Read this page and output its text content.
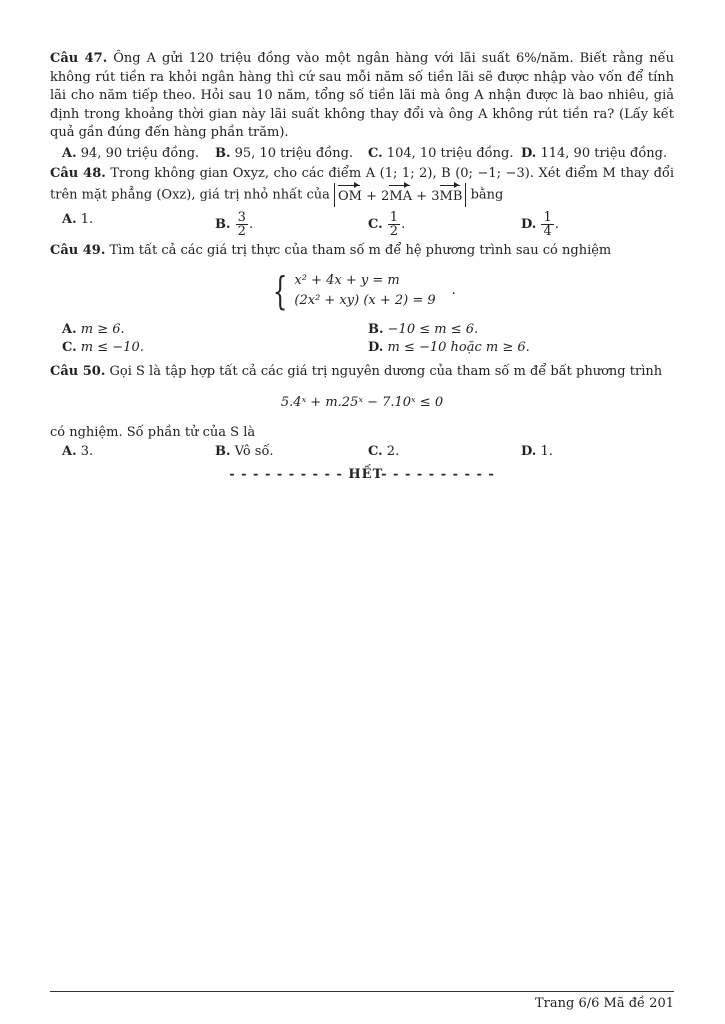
Câu 47. Ông A gửi 120 triệu đồng vào một ngân hàng với lãi suất 6%/năm. Biết rằng nếu không rút tiền ra khỏi ngân hàng thì cứ sau mỗi năm số tiền lãi sẽ được nhập vào vốn để tính lãi cho năm tiếp theo. Hỏi sau 10 năm, tổng số tiền lãi mà ông A nhận được là bao nhiêu, giả định trong khoảng thời gian này lãi suất không thay đổi và ông A không rút tiền ra? (Lấy kết quả gần đúng đến hàng phần trăm).

A. 94, 90 triệu đồng.	B. 95, 10 triệu đồng.	C. 104, 10 triệu đồng. D. 114, 90 triệu đồng.

Câu 48. Trong không gian Oxyz, cho các điểm A (1; 1; 2), B (0; −1; −3). Xét điểm M thay đổi trên mặt phẳng (Oxz), giá trị nhỏ nhất của OM + 2MA + 3MB bằng

A. 1.	B. $\frac{3}{2}$ .	C. $\frac{1}{2}$ .	D. $\frac{1}{4}$ .

Câu 49. Tìm tất cả các giá trị thực của tham số m để hệ phương trình sau có nghiệm

{ x² + 4x + y = m
(2x² + xy) (x + 2) = 9
.
A. m ≥ 6.	B. −10 ≤ m ≤ 6.
C. m ≤ −10.	D. m ≤ −10 hoặc m ≥ 6.

Câu 50. Gọi S là tập hợp tất cả các giá trị nguyên dương của tham số m để bất phương trình

5.4ˣ + m.25ˣ − 7.10ˣ ≤ 0

có nghiệm. Số phần tử của S là

A. 3.	B. Vô số.	C. 2.	D. 1.
- - - - - - - - - - HẾT- - - - - - - - - -
Trang 6/6 Mã đề 201
